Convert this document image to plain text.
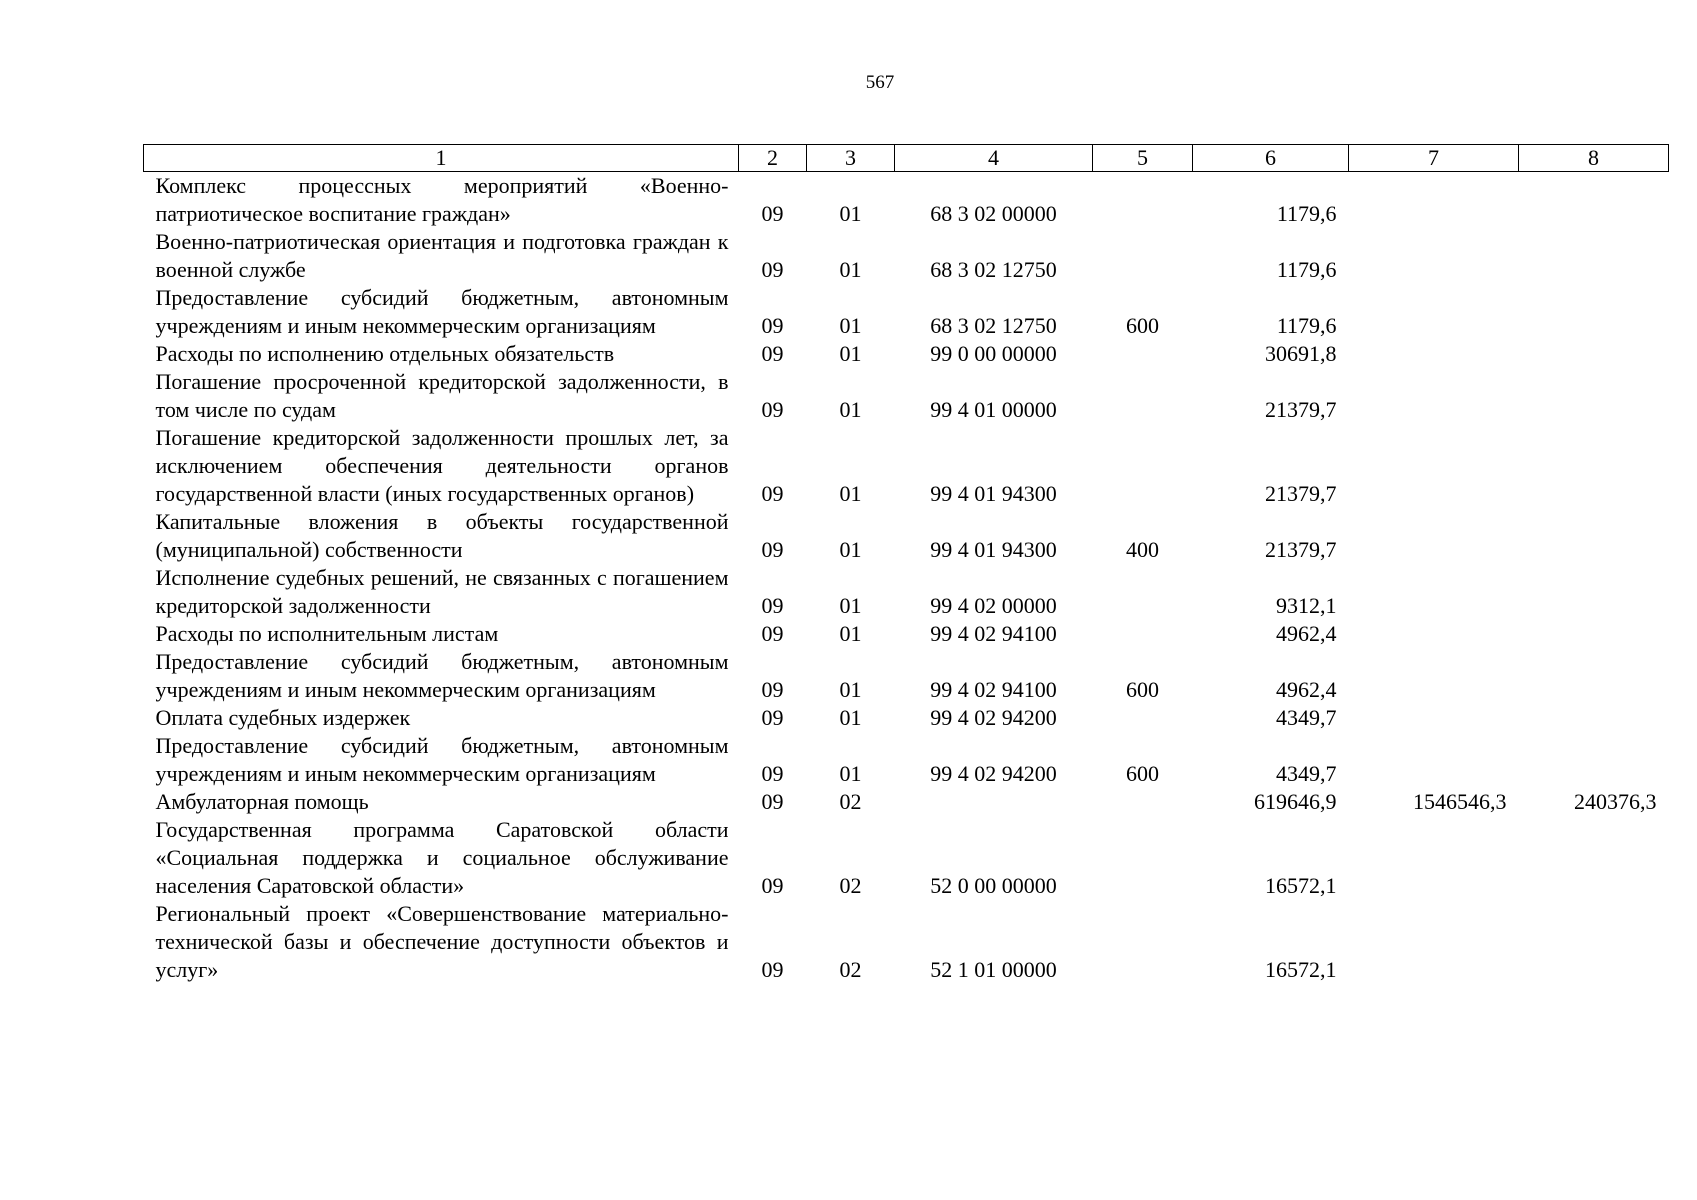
567
1	2	3	4	5	6	7	8
Комплекс процессных мероприятий «Военно-патриотическое воспитание граждан»	09	01	68 3 02 00000		1179,6		
Военно-патриотическая ориентация и подготовка граждан к военной службе	09	01	68 3 02 12750		1179,6		
Предоставление субсидий бюджетным, автономным учреждениям и иным некоммерческим организациям	09	01	68 3 02 12750	600	1179,6		
Расходы по исполнению отдельных обязательств	09	01	99 0 00 00000		30691,8		
Погашение просроченной кредиторской задолженности, в том числе по судам	09	01	99 4 01 00000		21379,7		
Погашение кредиторской задолженности прошлых лет, за исключением обеспечения деятельности органов государственной власти (иных государственных органов)	09	01	99 4 01 94300		21379,7		
Капитальные вложения в объекты государственной (муниципальной) собственности	09	01	99 4 01 94300	400	21379,7		
Исполнение судебных решений, не связанных с погашением кредиторской задолженности	09	01	99 4 02 00000		9312,1		
Расходы по исполнительным листам	09	01	99 4 02 94100		4962,4		
Предоставление субсидий бюджетным, автономным учреждениям и иным некоммерческим организациям	09	01	99 4 02 94100	600	4962,4		
Оплата судебных издержек	09	01	99 4 02 94200		4349,7		
Предоставление субсидий бюджетным, автономным учреждениям и иным некоммерческим организациям	09	01	99 4 02 94200	600	4349,7		
Амбулаторная помощь	09	02			619646,9	1546546,3	240376,3
Государственная программа Саратовской области «Социальная поддержка и социальное обслуживание населения Саратовской области»	09	02	52 0 00 00000		16572,1		
Региональный проект «Совершенствование материально-технической базы и обеспечение доступности объектов и услуг»	09	02	52 1 01 00000		16572,1		
